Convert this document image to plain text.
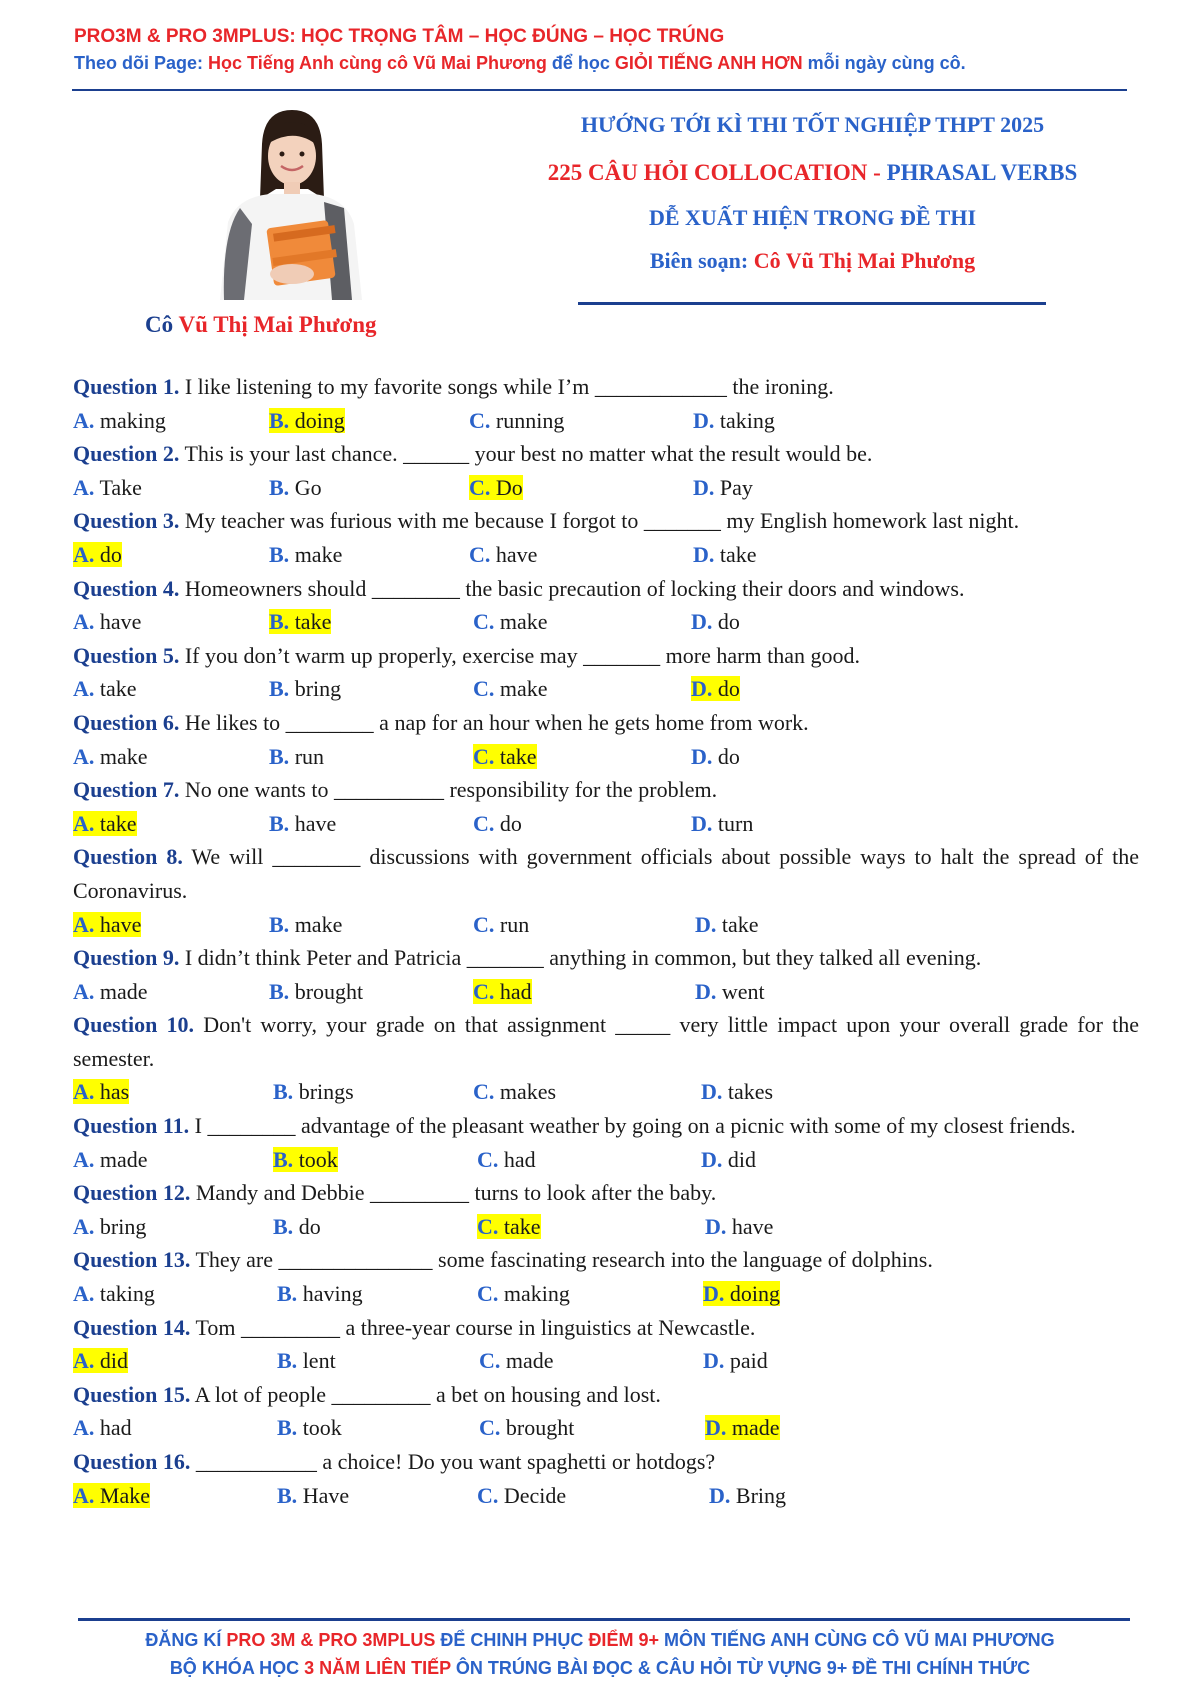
PRO3M & PRO 3MPLUS: HỌC TRỌNG TÂM – HỌC ĐÚNG – HỌC TRÚNG
Theo dõi Page: Học Tiếng Anh cùng cô Vũ Mai Phương để học GIỎI TIẾNG ANH HƠN mỗi ngày cùng cô.
Cô Vũ Thị Mai Phương
HƯỚNG TỚI KÌ THI TỐT NGHIỆP THPT 2025
225 CÂU HỎI COLLOCATION - PHRASAL VERBS
DỄ XUẤT HIỆN TRONG ĐỀ THI
Biên soạn: Cô Vũ Thị Mai Phương
Question 1. I like listening to my favorite songs while I’m ____________ the ironing.
A. making	B. doing	C. running	D. taking
Question 2. This is your last chance. ______ your best no matter what the result would be.
A. Take	B. Go	C. Do	D. Pay
Question 3. My teacher was furious with me because I forgot to _______ my English homework last night.
A. do	B. make	C. have	D. take
Question 4. Homeowners should ________ the basic precaution of locking their doors and windows.
A. have	B. take	C. make	D. do
Question 5. If you don’t warm up properly, exercise may _______ more harm than good.
A. take	B. bring	C. make	D. do
Question 6. He likes to ________ a nap for an hour when he gets home from work.
A. make	B. run	C. take	D. do
Question 7. No one wants to __________ responsibility for the problem.
A. take	B. have	C. do	D. turn
Question 8. We will ________ discussions with government officials about possible ways to halt the spread of the Coronavirus.
A. have	B. make	C. run	D. take
Question 9. I didn’t think Peter and Patricia _______ anything in common, but they talked all evening.
A. made	B. brought	C. had	D. went
Question 10. Don't worry, your grade on that assignment _____ very little impact upon your overall grade for the semester.
A. has	B. brings	C. makes	D. takes
Question 11. I ________ advantage of the pleasant weather by going on a picnic with some of my closest friends.
A. made	B. took	C. had	D. did
Question 12. Mandy and Debbie _________ turns to look after the baby.
A. bring	B. do	C. take	D. have
Question 13. They are ______________ some fascinating research into the language of dolphins.
A. taking	B. having	C. making	D. doing
Question 14. Tom _________ a three-year course in linguistics at Newcastle.
A. did	B. lent	C. made	D. paid
Question 15. A lot of people _________ a bet on housing and lost.
A. had	B. took	C. brought	D. made
Question 16. ___________ a choice! Do you want spaghetti or hotdogs?
A. Make	B. Have	C. Decide	D. Bring
ĐĂNG KÍ PRO 3M & PRO 3MPLUS ĐỂ CHINH PHỤC ĐIỂM 9+ MÔN TIẾNG ANH CÙNG CÔ VŨ MAI PHƯƠNG
BỘ KHÓA HỌC 3 NĂM LIÊN TIẾP ÔN TRÚNG BÀI ĐỌC & CÂU HỎI TỪ VỰNG 9+ ĐỀ THI CHÍNH THỨC
